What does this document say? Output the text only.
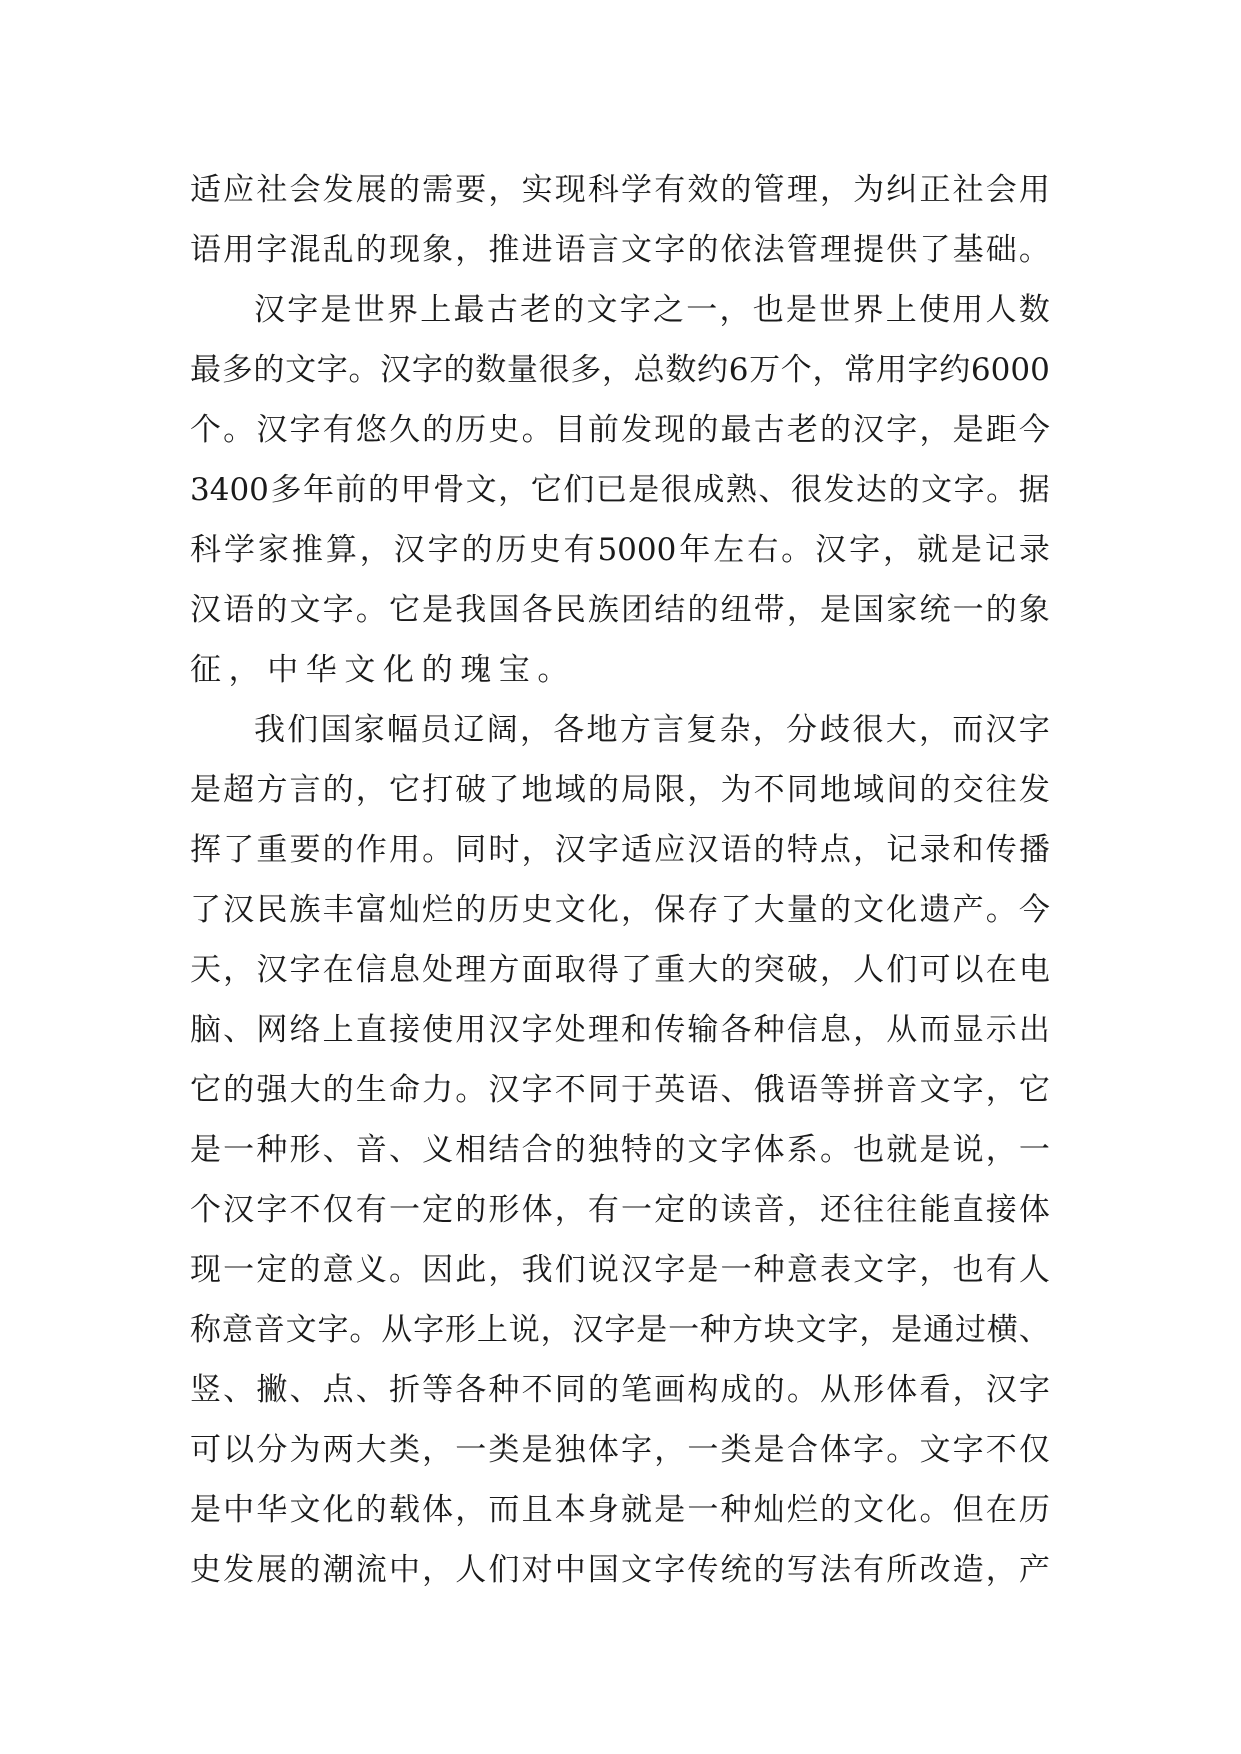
适 应 社 会 发 展 的 需 要 ， 实 现 科 学 有 效 的 管 理 ， 为 纠 正 社 会 用
语 用 字 混 乱 的 现 象 ， 推 进 语 言 文 字 的 依 法 管 理 提 供 了 基 础 。
汉 字 是 世 界 上 最 古 老 的 文 字 之 一 ， 也 是 世 界 上 使 用 人 数
最 多 的 文 字 。 汉 字 的 数 量 很 多 ， 总 数 约 6 万 个 ， 常 用 字 约 6000
个 。 汉 字 有 悠 久 的 历 史 。 目 前 发 现 的 最 古 老 的 汉 字 ， 是 距 今
3400 多 年 前 的 甲 骨 文 ， 它 们 已 是 很 成 熟 、 很 发 达 的 文 字 。 据
科 学 家 推 算 ， 汉 字 的 历 史 有 5000 年 左 右 。 汉 字 ， 就 是 记 录
汉 语 的 文 字 。 它 是 我 国 各 民 族 团 结 的 纽 带 ， 是 国 家 统 一 的 象
征，中华文化的瑰宝。
我 们 国 家 幅 员 辽 阔 ， 各 地 方 言 复 杂 ， 分 歧 很 大 ， 而 汉 字
是 超 方 言 的 ， 它 打 破 了 地 域 的 局 限 ， 为 不 同 地 域 间 的 交 往 发
挥 了 重 要 的 作 用 。 同 时 ， 汉 字 适 应 汉 语 的 特 点 ， 记 录 和 传 播
了 汉 民 族 丰 富 灿 烂 的 历 史 文 化 ， 保 存 了 大 量 的 文 化 遗 产 。 今
天 ， 汉 字 在 信 息 处 理 方 面 取 得 了 重 大 的 突 破 ， 人 们 可 以 在 电
脑 、 网 络 上 直 接 使 用 汉 字 处 理 和 传 输 各 种 信 息 ， 从 而 显 示 出
它 的 强 大 的 生 命 力 。 汉 字 不 同 于 英 语 、 俄 语 等 拼 音 文 字 ， 它
是 一 种 形 、 音 、 义 相 结 合 的 独 特 的 文 字 体 系 。 也 就 是 说 ， 一
个 汉 字 不 仅 有 一 定 的 形 体 ， 有 一 定 的 读 音 ， 还 往 往 能 直 接 体
现 一 定 的 意 义 。 因 此 ， 我 们 说 汉 字 是 一 种 意 表 文 字 ， 也 有 人
称 意 音 文 字 。 从 字 形 上 说 ， 汉 字 是 一 种 方 块 文 字 ， 是 通 过 横 、
竖 、 撇 、 点 、 折 等 各 种 不 同 的 笔 画 构 成 的 。 从 形 体 看 ， 汉 字
可 以 分 为 两 大 类 ， 一 类 是 独 体 字 ， 一 类 是 合 体 字 。 文 字 不 仅
是 中 华 文 化 的 载 体 ， 而 且 本 身 就 是 一 种 灿 烂 的 文 化 。 但 在 历
史 发 展 的 潮 流 中 ， 人 们 对 中 国 文 字 传 统 的 写 法 有 所 改 造 ， 产
